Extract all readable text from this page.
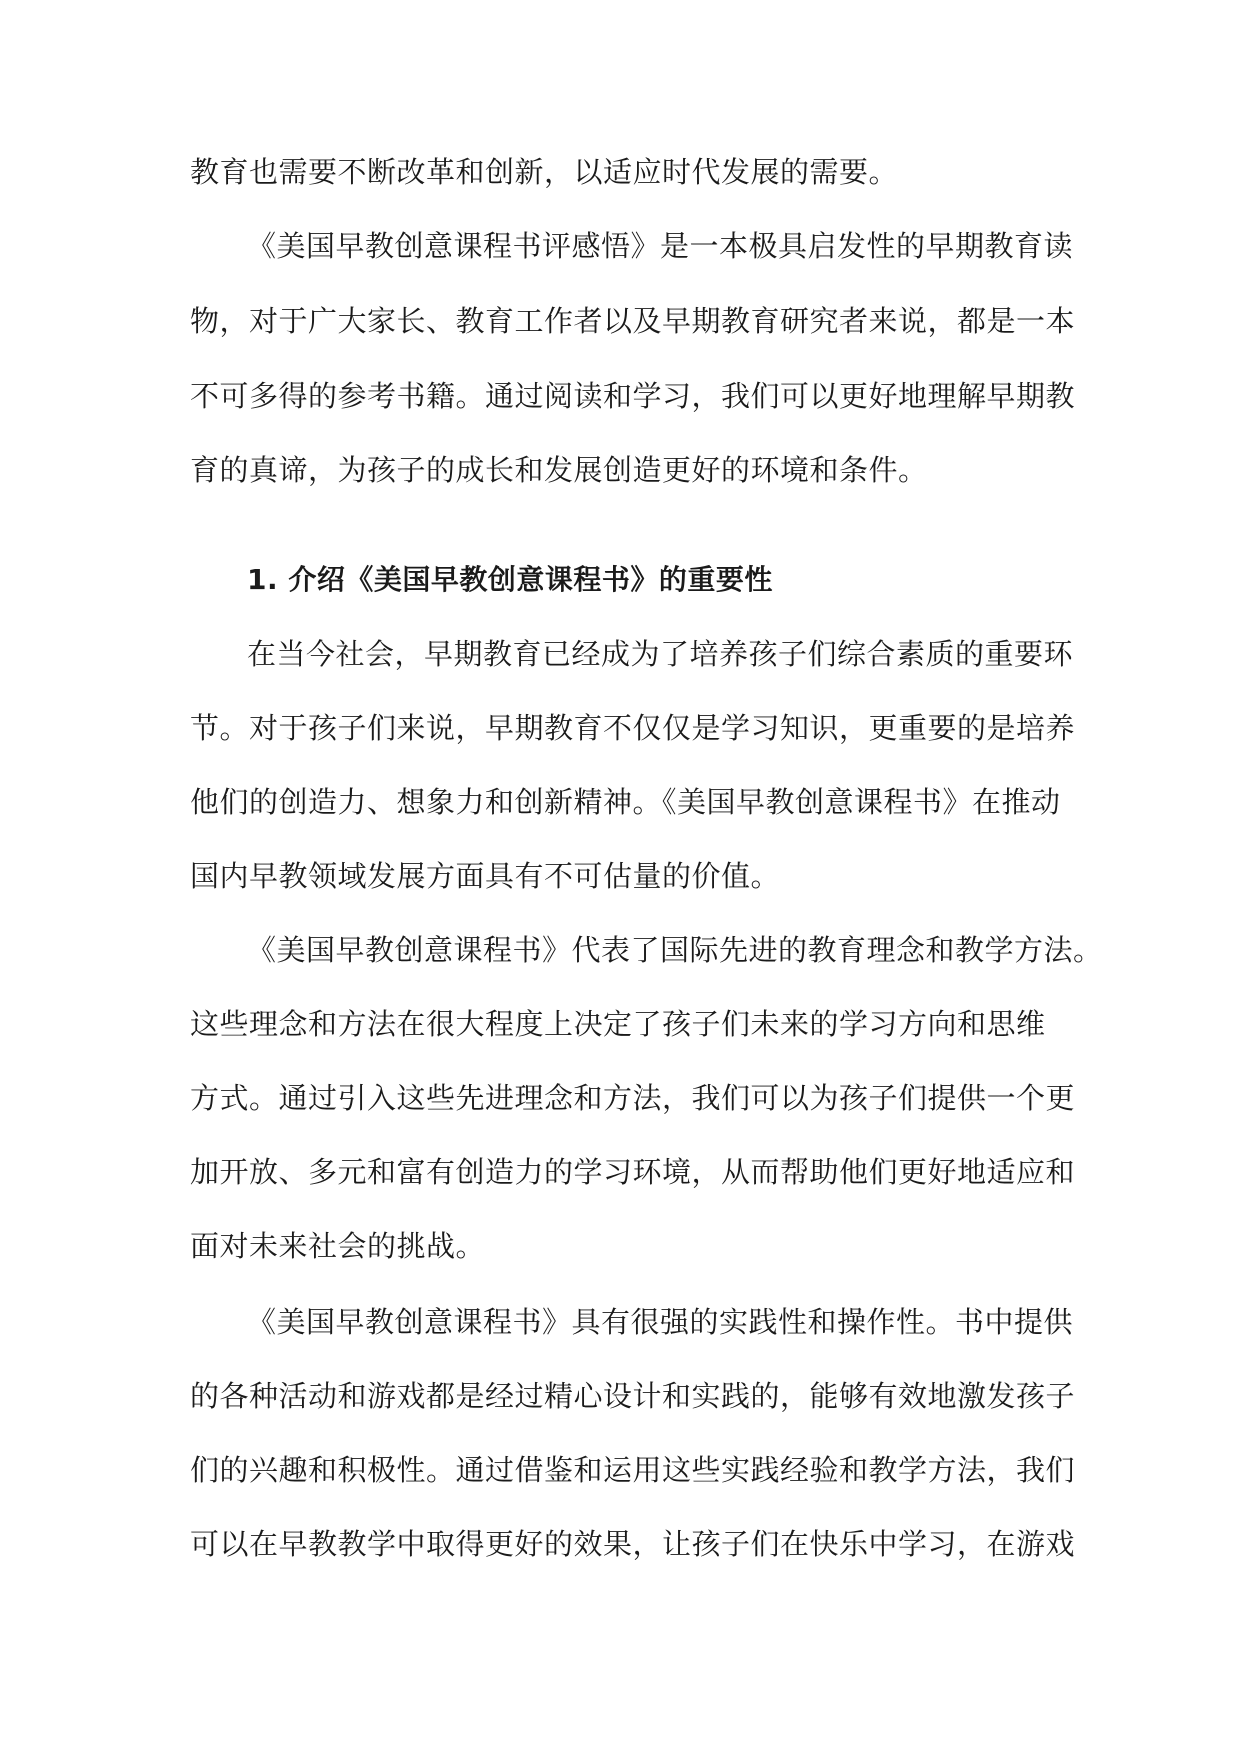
教育也需要不断改革和创新，以适应时代发展的需要。
《美国早教创意课程书评感悟》是一本极具启发性的早期教育读
物，对于广大家长、教育工作者以及早期教育研究者来说，都是一本
不可多得的参考书籍。通过阅读和学习，我们可以更好地理解早期教
育的真谛，为孩子的成长和发展创造更好的环境和条件。
1. 介绍《美国早教创意课程书》的重要性
在当今社会，早期教育已经成为了培养孩子们综合素质的重要环
节。对于孩子们来说，早期教育不仅仅是学习知识，更重要的是培养
他们的创造力、想象力和创新精神。《美国早教创意课程书》在推动
国内早教领域发展方面具有不可估量的价值。
《美国早教创意课程书》代表了国际先进的教育理念和教学方法。
这些理念和方法在很大程度上决定了孩子们未来的学习方向和思维
方式。通过引入这些先进理念和方法，我们可以为孩子们提供一个更
加开放、多元和富有创造力的学习环境，从而帮助他们更好地适应和
面对未来社会的挑战。
《美国早教创意课程书》具有很强的实践性和操作性。书中提供
的各种活动和游戏都是经过精心设计和实践的，能够有效地激发孩子
们的兴趣和积极性。通过借鉴和运用这些实践经验和教学方法，我们
可以在早教教学中取得更好的效果，让孩子们在快乐中学习，在游戏
